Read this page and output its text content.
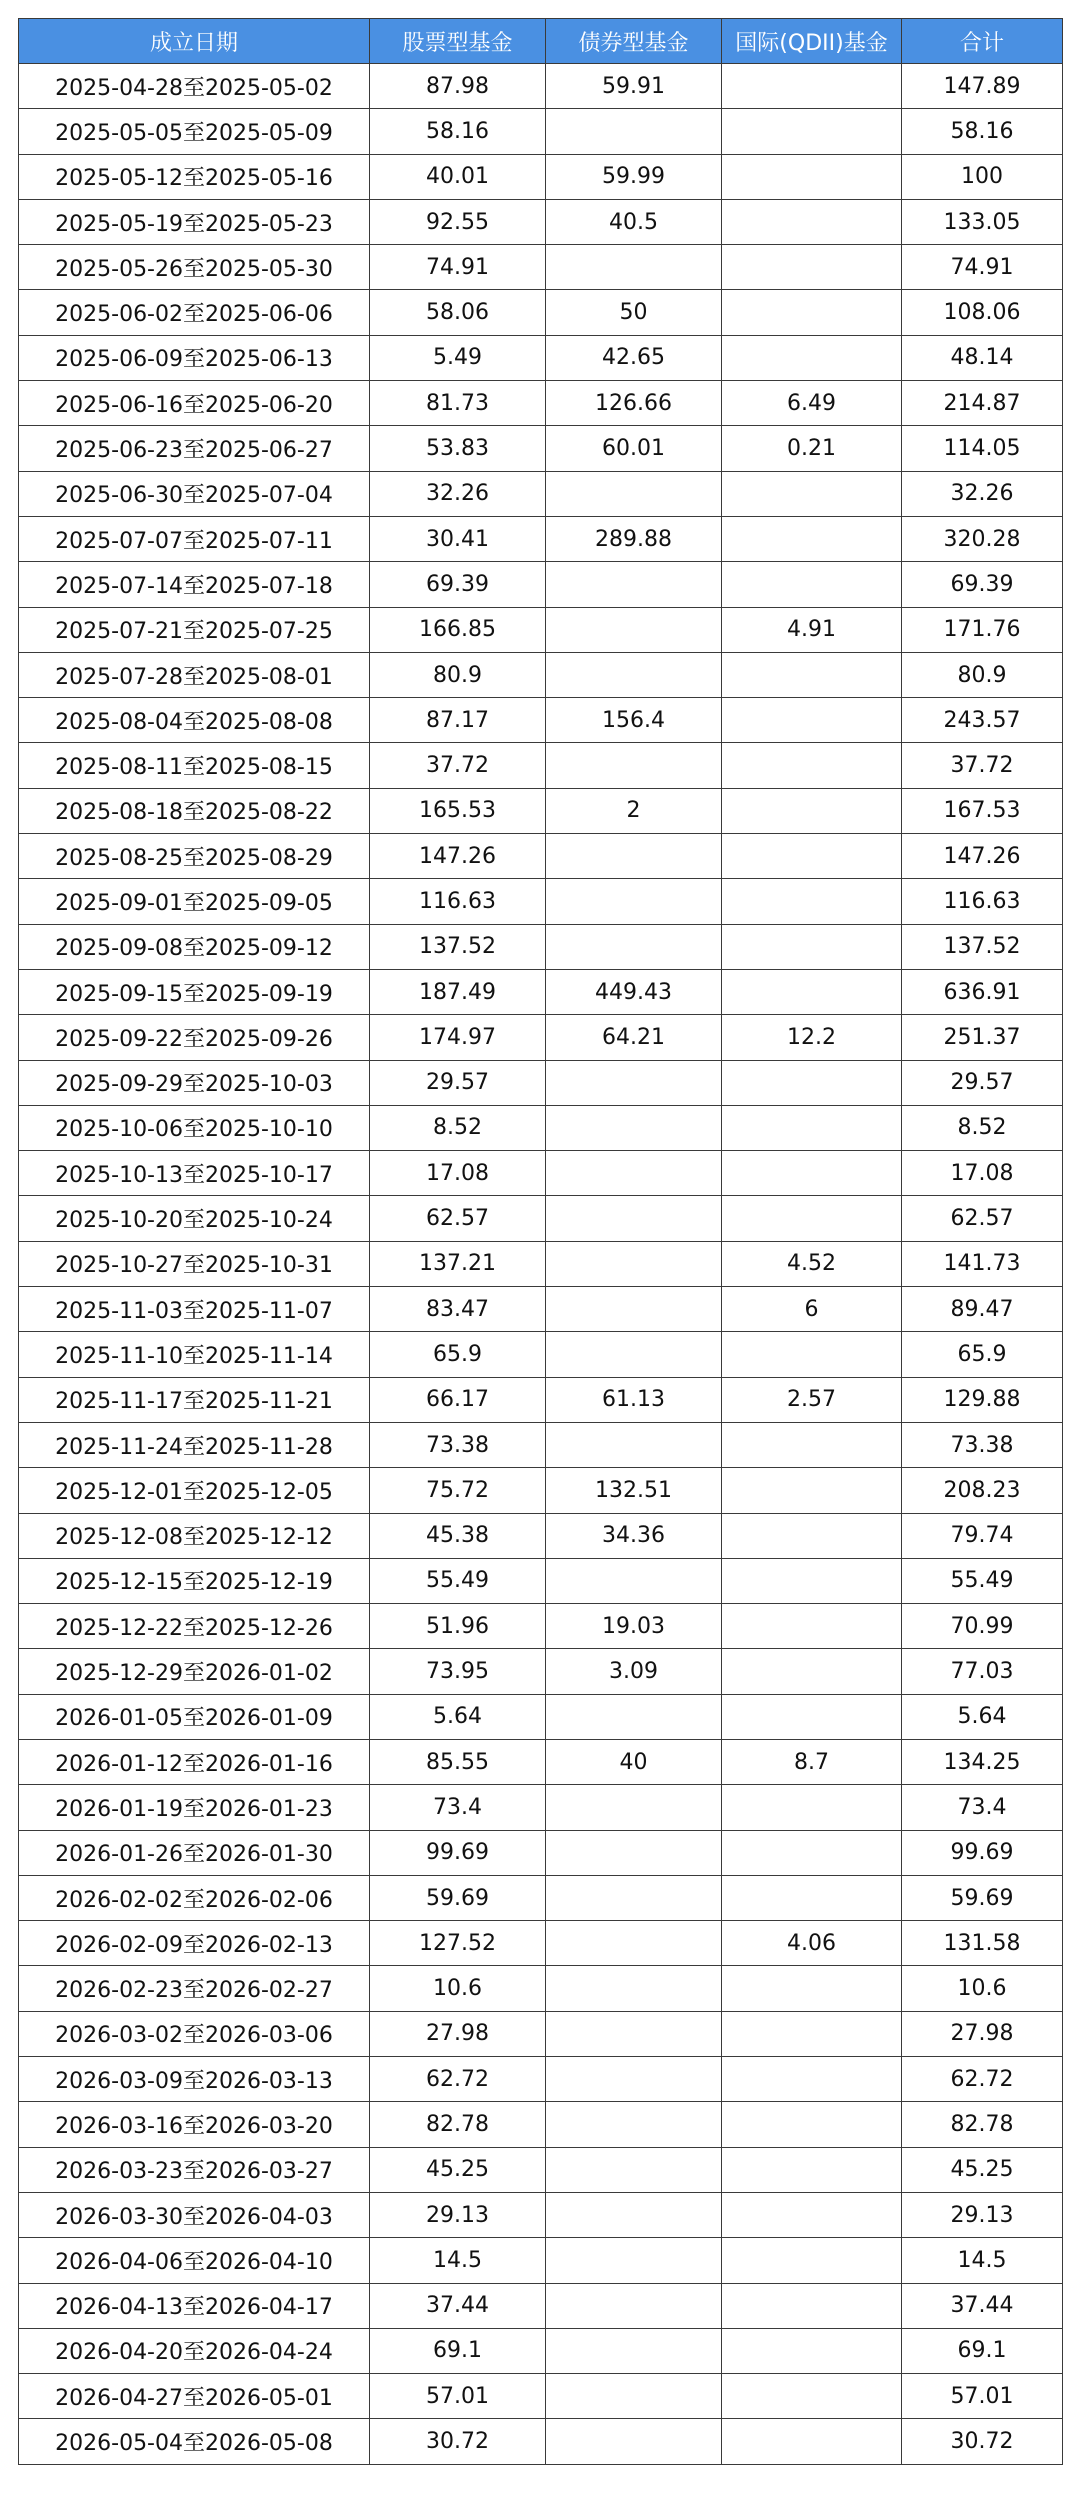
成立日期	股票型基金	债券型基金	国际(QDII)基金	合计
2025-04-28至2025-05-02	87.98	59.91		147.89
2025-05-05至2025-05-09	58.16			58.16
2025-05-12至2025-05-16	40.01	59.99		100
2025-05-19至2025-05-23	92.55	40.5		133.05
2025-05-26至2025-05-30	74.91			74.91
2025-06-02至2025-06-06	58.06	50		108.06
2025-06-09至2025-06-13	5.49	42.65		48.14
2025-06-16至2025-06-20	81.73	126.66	6.49	214.87
2025-06-23至2025-06-27	53.83	60.01	0.21	114.05
2025-06-30至2025-07-04	32.26			32.26
2025-07-07至2025-07-11	30.41	289.88		320.28
2025-07-14至2025-07-18	69.39			69.39
2025-07-21至2025-07-25	166.85		4.91	171.76
2025-07-28至2025-08-01	80.9			80.9
2025-08-04至2025-08-08	87.17	156.4		243.57
2025-08-11至2025-08-15	37.72			37.72
2025-08-18至2025-08-22	165.53	2		167.53
2025-08-25至2025-08-29	147.26			147.26
2025-09-01至2025-09-05	116.63			116.63
2025-09-08至2025-09-12	137.52			137.52
2025-09-15至2025-09-19	187.49	449.43		636.91
2025-09-22至2025-09-26	174.97	64.21	12.2	251.37
2025-09-29至2025-10-03	29.57			29.57
2025-10-06至2025-10-10	8.52			8.52
2025-10-13至2025-10-17	17.08			17.08
2025-10-20至2025-10-24	62.57			62.57
2025-10-27至2025-10-31	137.21		4.52	141.73
2025-11-03至2025-11-07	83.47		6	89.47
2025-11-10至2025-11-14	65.9			65.9
2025-11-17至2025-11-21	66.17	61.13	2.57	129.88
2025-11-24至2025-11-28	73.38			73.38
2025-12-01至2025-12-05	75.72	132.51		208.23
2025-12-08至2025-12-12	45.38	34.36		79.74
2025-12-15至2025-12-19	55.49			55.49
2025-12-22至2025-12-26	51.96	19.03		70.99
2025-12-29至2026-01-02	73.95	3.09		77.03
2026-01-05至2026-01-09	5.64			5.64
2026-01-12至2026-01-16	85.55	40	8.7	134.25
2026-01-19至2026-01-23	73.4			73.4
2026-01-26至2026-01-30	99.69			99.69
2026-02-02至2026-02-06	59.69			59.69
2026-02-09至2026-02-13	127.52		4.06	131.58
2026-02-23至2026-02-27	10.6			10.6
2026-03-02至2026-03-06	27.98			27.98
2026-03-09至2026-03-13	62.72			62.72
2026-03-16至2026-03-20	82.78			82.78
2026-03-23至2026-03-27	45.25			45.25
2026-03-30至2026-04-03	29.13			29.13
2026-04-06至2026-04-10	14.5			14.5
2026-04-13至2026-04-17	37.44			37.44
2026-04-20至2026-04-24	69.1			69.1
2026-04-27至2026-05-01	57.01			57.01
2026-05-04至2026-05-08	30.72			30.72
